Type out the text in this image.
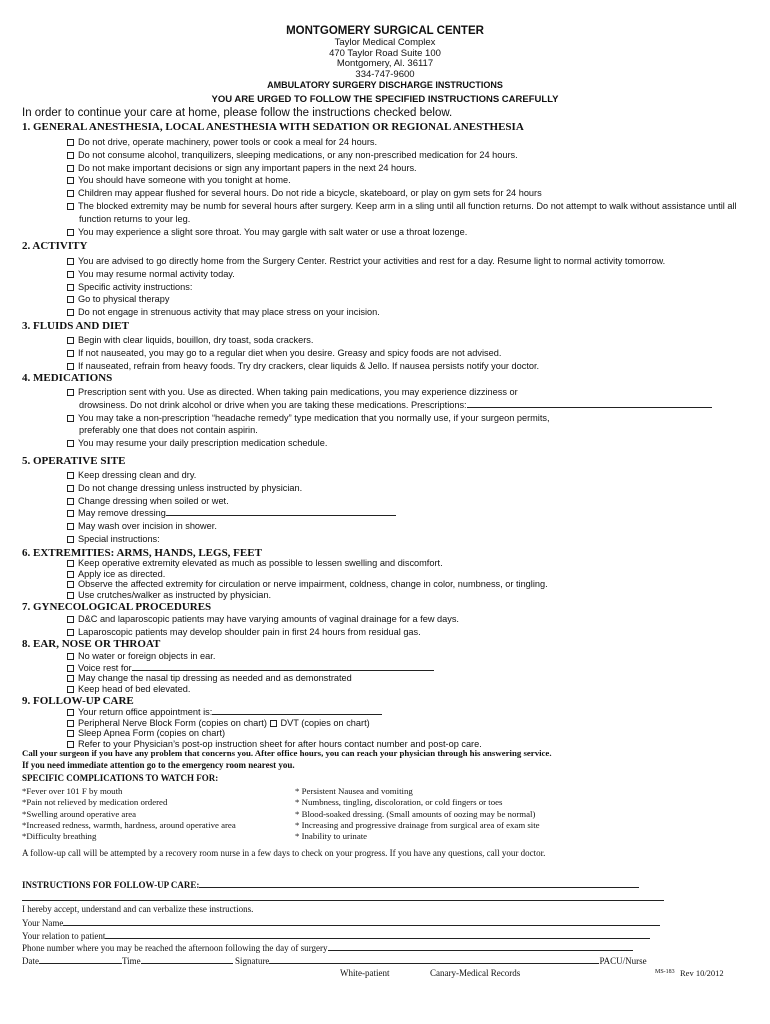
MONTGOMERY SURGICAL CENTER
Taylor Medical Complex
470 Taylor Road Suite 100
Montgomery, Al. 36117
334-747-9600
AMBULATORY SURGERY DISCHARGE INSTRUCTIONS
YOU ARE URGED TO FOLLOW THE SPECIFIED INSTRUCTIONS CAREFULLY
In order to continue your care at home, please follow the instructions checked below.
1. GENERAL ANESTHESIA, LOCAL ANESTHESIA WITH SEDATION OR REGIONAL ANESTHESIA
Do not drive, operate machinery, power tools or cook a meal for 24 hours.
Do not consume alcohol, tranquilizers, sleeping medications, or any non-prescribed medication for 24 hours.
Do not make important decisions or sign any important papers in the next 24 hours.
You should have someone with you tonight at home.
Children may appear flushed for several hours. Do not ride a bicycle, skateboard, or play on gym sets for 24 hours
The blocked extremity may be numb for several hours after surgery. Keep arm in a sling until all function returns. Do not attempt to walk without assistance until all function returns to your leg.
You may experience a slight sore throat. You may gargle with salt water or use a throat lozenge.
2. ACTIVITY
You are advised to go directly home from the Surgery Center. Restrict your activities and rest for a day. Resume light to normal activity tomorrow.
You may resume normal activity today.
Specific activity instructions:
Go to physical therapy
Do not engage in strenuous activity that may place stress on your incision.
3. FLUIDS AND DIET
Begin with clear liquids, bouillon, dry toast, soda crackers.
If not nauseated, you may go to a regular diet when you desire. Greasy and spicy foods are not advised.
If nauseated, refrain from heavy foods. Try dry crackers, clear liquids & Jello. If nausea persists notify your doctor.
4. MEDICATIONS
Prescription sent with you. Use as directed. When taking pain medications, you may experience dizziness or
drowsiness. Do not drink alcohol or drive when you are taking these medications. Prescriptions:
You may take a non-prescription “headache remedy” type medication that you normally use, if your surgeon permits,
preferably one that does not contain aspirin.
You may resume your daily prescription medication schedule.
5. OPERATIVE SITE
Keep dressing clean and dry.
Do not change dressing unless instructed by physician.
Change dressing when soiled or wet.
May remove dressing
May wash over incision in shower.
Special instructions:
6. EXTREMITIES: ARMS, HANDS, LEGS, FEET
Keep operative extremity elevated as much as possible to lessen swelling and discomfort.
Apply ice as directed.
Observe the affected extremity for circulation or nerve impairment, coldness, change in color, numbness, or tingling.
Use crutches/walker as instructed by physician.
7. GYNECOLOGICAL PROCEDURES
D&C and laparoscopic patients may have varying amounts of vaginal drainage for a few days.
Laparoscopic patients may develop shoulder pain in first 24 hours from residual gas.
8. EAR, NOSE OR THROAT
No water or foreign objects in ear.
Voice rest for
May change the nasal tip dressing as needed and as demonstrated
Keep head of bed elevated.
9. FOLLOW-UP CARE
Your return office appointment is:
Peripheral Nerve Block Form (copies on chart) DVT (copies on chart)
Sleep Apnea Form (copies on chart)
Refer to your Physician’s post-op instruction sheet for after hours contact number and post-op care.
Call your surgeon if you have any problem that concerns you. After office hours, you can reach your physician through his answering service.
If you need immediate attention go to the emergency room nearest you.
SPECIFIC COMPLICATIONS TO WATCH FOR:
*Fever over 101 F by mouth
*Pain not relieved by medication ordered
*Swelling around operative area
*Increased redness, warmth, hardness, around operative area
*Difficulty breathing
* Persistent Nausea and vomiting
* Numbness, tingling, discoloration, or cold fingers or toes
* Blood-soaked dressing. (Small amounts of oozing may be normal)
* Increasing and progressive drainage from surgical area of exam site
* Inability to urinate
A follow-up call will be attempted by a recovery room nurse in a few days to check on your progress. If you have any questions, call your doctor.
INSTRUCTIONS FOR FOLLOW-UP CARE:
I hereby accept, understand and can verbalize these instructions.
Your Name
Your relation to patient
Phone number where you may be reached the afternoon following the day of surgery
Date	Time	Signature	PACU/Nurse
White-patient	Canary-Medical Records	MS-183 Rev 10/2012
